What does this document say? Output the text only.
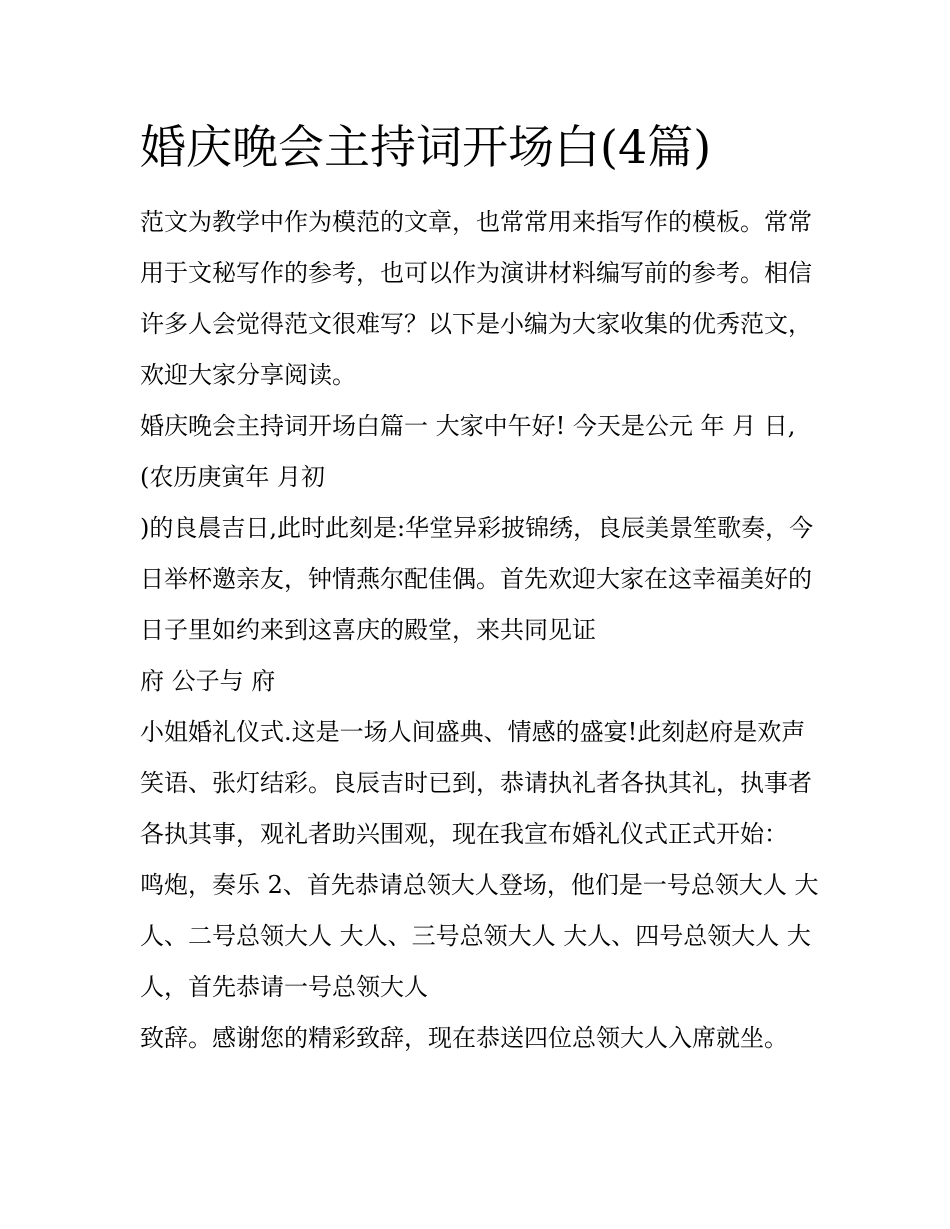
婚庆晚会主持词开场白(4篇)

范文为教学中作为模范的文章，也常常用来指写作的模板。常常用于文秘写作的参考，也可以作为演讲材料编写前的参考。相信许多人会觉得范文很难写？以下是小编为大家收集的优秀范文，欢迎大家分享阅读。

婚庆晚会主持词开场白篇一 大家中午好! 今天是公元 年 月 日,

(农历庚寅年 月初

)的良晨吉日,此时此刻是:华堂异彩披锦绣，良辰美景笙歌奏，今日举杯邀亲友，钟情燕尔配佳偶。首先欢迎大家在这幸福美好的日子里如约来到这喜庆的殿堂，来共同见证

府 公子与 府

小姐婚礼仪式.这是一场人间盛典、情感的盛宴!此刻赵府是欢声笑语、张灯结彩。良辰吉时已到，恭请执礼者各执其礼，执事者各执其事，观礼者助兴围观，现在我宣布婚礼仪式正式开始：

鸣炮，奏乐 2、首先恭请总领大人登场，他们是一号总领大人 大人、二号总领大人 大人、三号总领大人 大人、四号总领大人 大人，首先恭请一号总领大人

致辞。感谢您的精彩致辞，现在恭送四位总领大人入席就坐。
